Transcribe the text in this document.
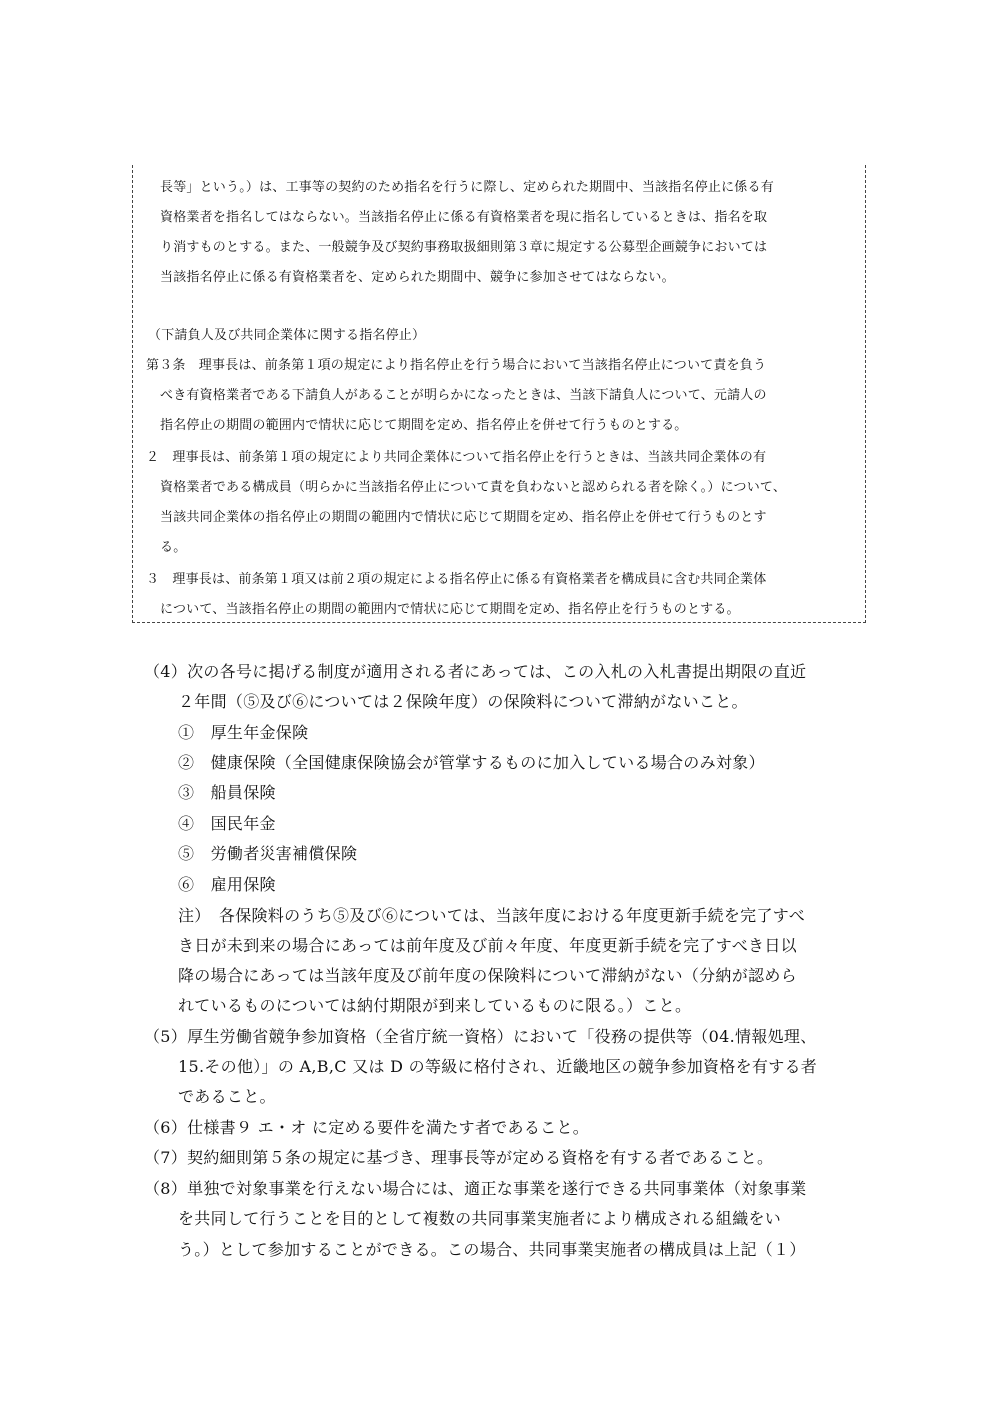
長等」という。）は、工事等の契約のため指名を行うに際し、定められた期間中、当該指名停止に係る有
資格業者を指名してはならない。当該指名停止に係る有資格業者を現に指名しているときは、指名を取
り消すものとする。また、一般競争及び契約事務取扱細則第３章に規定する公募型企画競争においては
当該指名停止に係る有資格業者を、定められた期間中、競争に参加させてはならない。
（下請負人及び共同企業体に関する指名停止）
第３条　理事長は、前条第１項の規定により指名停止を行う場合において当該指名停止について責を負う
べき有資格業者である下請負人があることが明らかになったときは、当該下請負人について、元請人の
指名停止の期間の範囲内で情状に応じて期間を定め、指名停止を併せて行うものとする。
２　理事長は、前条第１項の規定により共同企業体について指名停止を行うときは、当該共同企業体の有
資格業者である構成員（明らかに当該指名停止について責を負わないと認められる者を除く。）について、
当該共同企業体の指名停止の期間の範囲内で情状に応じて期間を定め、指名停止を併せて行うものとす
る。
３　理事長は、前条第１項又は前２項の規定による指名停止に係る有資格業者を構成員に含む共同企業体
について、当該指名停止の期間の範囲内で情状に応じて期間を定め、指名停止を行うものとする。
（4）次の各号に掲げる制度が適用される者にあっては、この入札の入札書提出期限の直近
２年間（⑤及び⑥については２保険年度）の保険料について滞納がないこと。
①　厚生年金保険
②　健康保険（全国健康保険協会が管掌するものに加入している場合のみ対象）
③　船員保険
④　国民年金
⑤　労働者災害補償保険
⑥　雇用保険
注）　各保険料のうち⑤及び⑥については、当該年度における年度更新手続を完了すべ
き日が未到来の場合にあっては前年度及び前々年度、年度更新手続を完了すべき日以
降の場合にあっては当該年度及び前年度の保険料について滞納がない（分納が認めら
れているものについては納付期限が到来しているものに限る。）こと。
（5）厚生労働省競争参加資格（全省庁統一資格）において「役務の提供等（04.情報処理、
15.その他）」の A,B,C 又は D の等級に格付され、近畿地区の競争参加資格を有する者
であること。
（6）仕様書９ エ・オ に定める要件を満たす者であること。
（7）契約細則第５条の規定に基づき、理事長等が定める資格を有する者であること。
（8）単独で対象事業を行えない場合には、適正な事業を遂行できる共同事業体（対象事業
を共同して行うことを目的として複数の共同事業実施者により構成される組織をい
う。）として参加することができる。この場合、共同事業実施者の構成員は上記（１）
